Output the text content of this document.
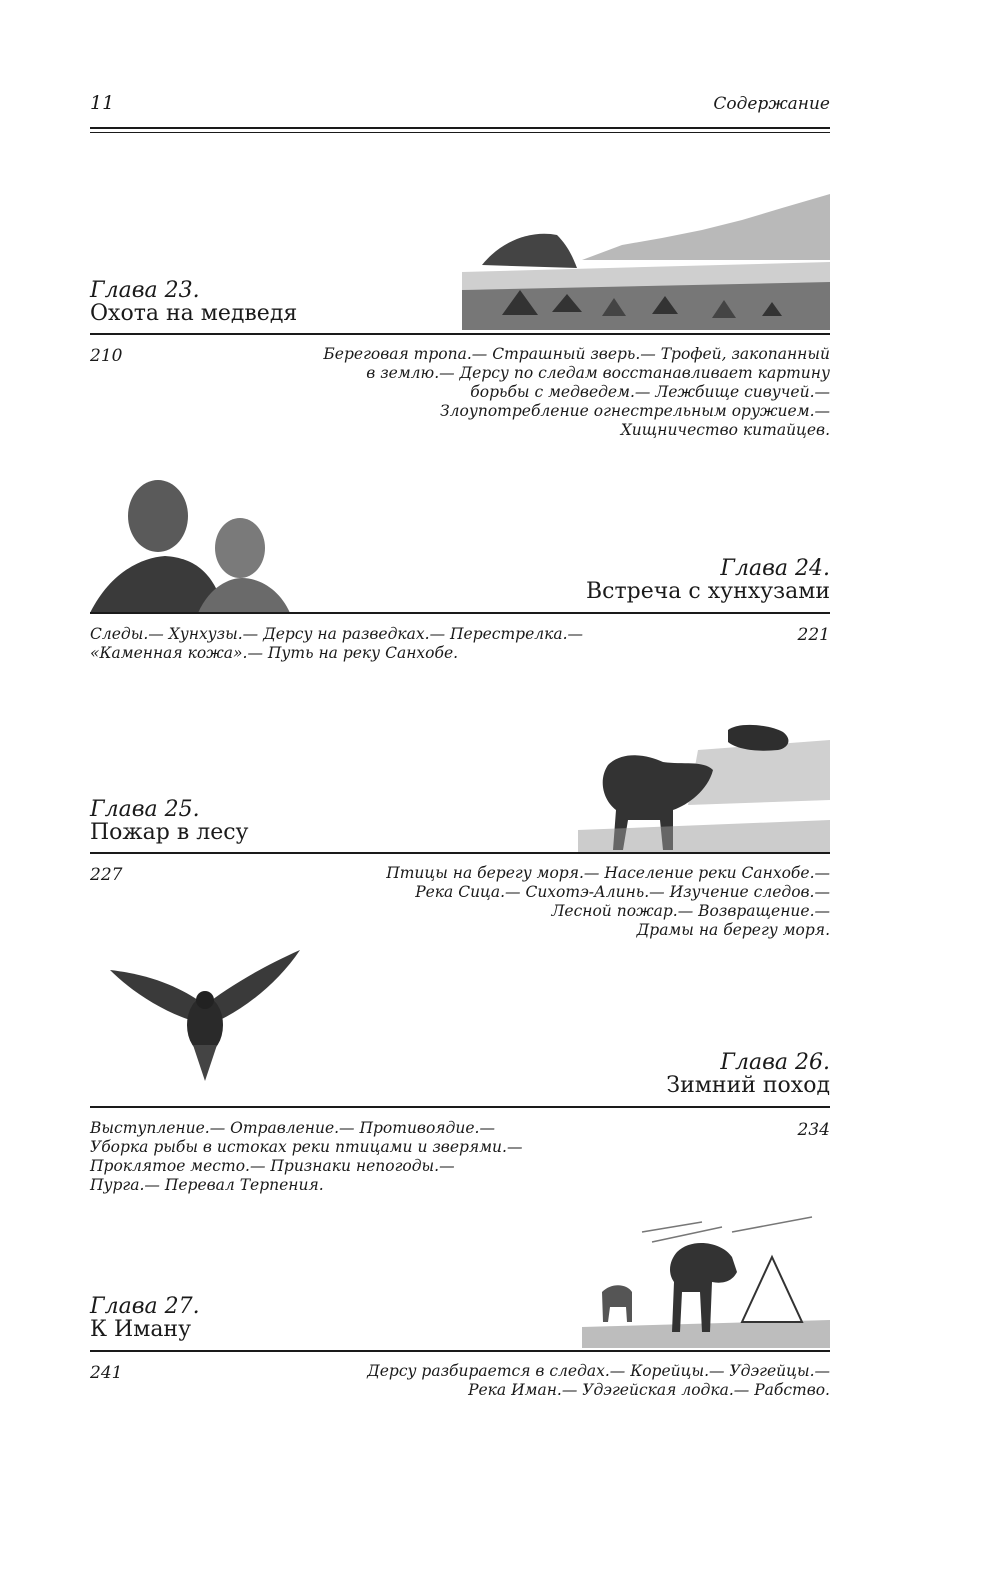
11	Содержание
Глава 23.
Охота на медведя
210	Береговая тропа.— Страшный зверь.— Трофей, закопанный
в землю.— Дерсу по следам восстанавливает картину
борьбы с медведем.— Лежбище сивучей.—
Злоупотребление огнестрельным оружием.—
Хищничество китайцев.
Глава 24.
Встреча с хунхузами
Следы.— Хунхузы.— Дерсу на разведках.— Перестрелка.—
«Каменная кожа».— Путь на реку Санхобе.
221
Глава 25.
Пожар в лесу
227	Птицы на берегу моря.— Население реки Санхобе.—
Река Сица.— Сихотэ-Алинь.— Изучение следов.—
Лесной пожар.— Возвращение.—
Драмы на берегу моря.
Глава 26.
Зимний поход
Выступление.— Отравление.— Противоядие.—
Уборка рыбы в истоках реки птицами и зверями.—
Проклятое место.— Признаки непогоды.—
Пурга.— Перевал Терпения.
234
Глава 27.
К Иману
241	Дерсу разбирается в следах.— Корейцы.— Удэгейцы.—
Река Иман.— Удэгейская лодка.— Рабство.
